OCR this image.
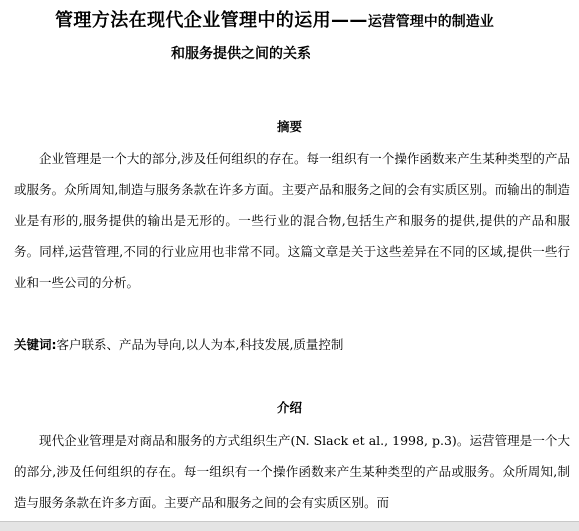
管理方法在现代企业管理中的运用——运营管理中的制造业
和服务提供之间的关系
摘要

企业管理是一个大的部分,涉及任何组织的存在。每一组织有一个操作函数来产生某种类型的产品或服务。众所周知,制造与服务条款在许多方面。主要产品和服务之间的会有实质区别。而输出的制造业是有形的,服务提供的输出是无形的。一些行业的混合物,包括生产和服务的提供,提供的产品和服务。同样,运营管理,不同的行业应用也非常不同。这篇文章是关于这些差异在不同的区域,提供一些行业和一些公司的分析。

关键词:客户联系、产品为导向,以人为本,科技发展,质量控制
介绍

现代企业管理是对商品和服务的方式组织生产(N. Slack et al., 1998, p.3)。运营管理是一个大的部分,涉及任何组织的存在。每一组织有一个操作函数来产生某种类型的产品或服务。众所周知,制造与服务条款在许多方面。主要产品和服务之间的会有实质区别。而
